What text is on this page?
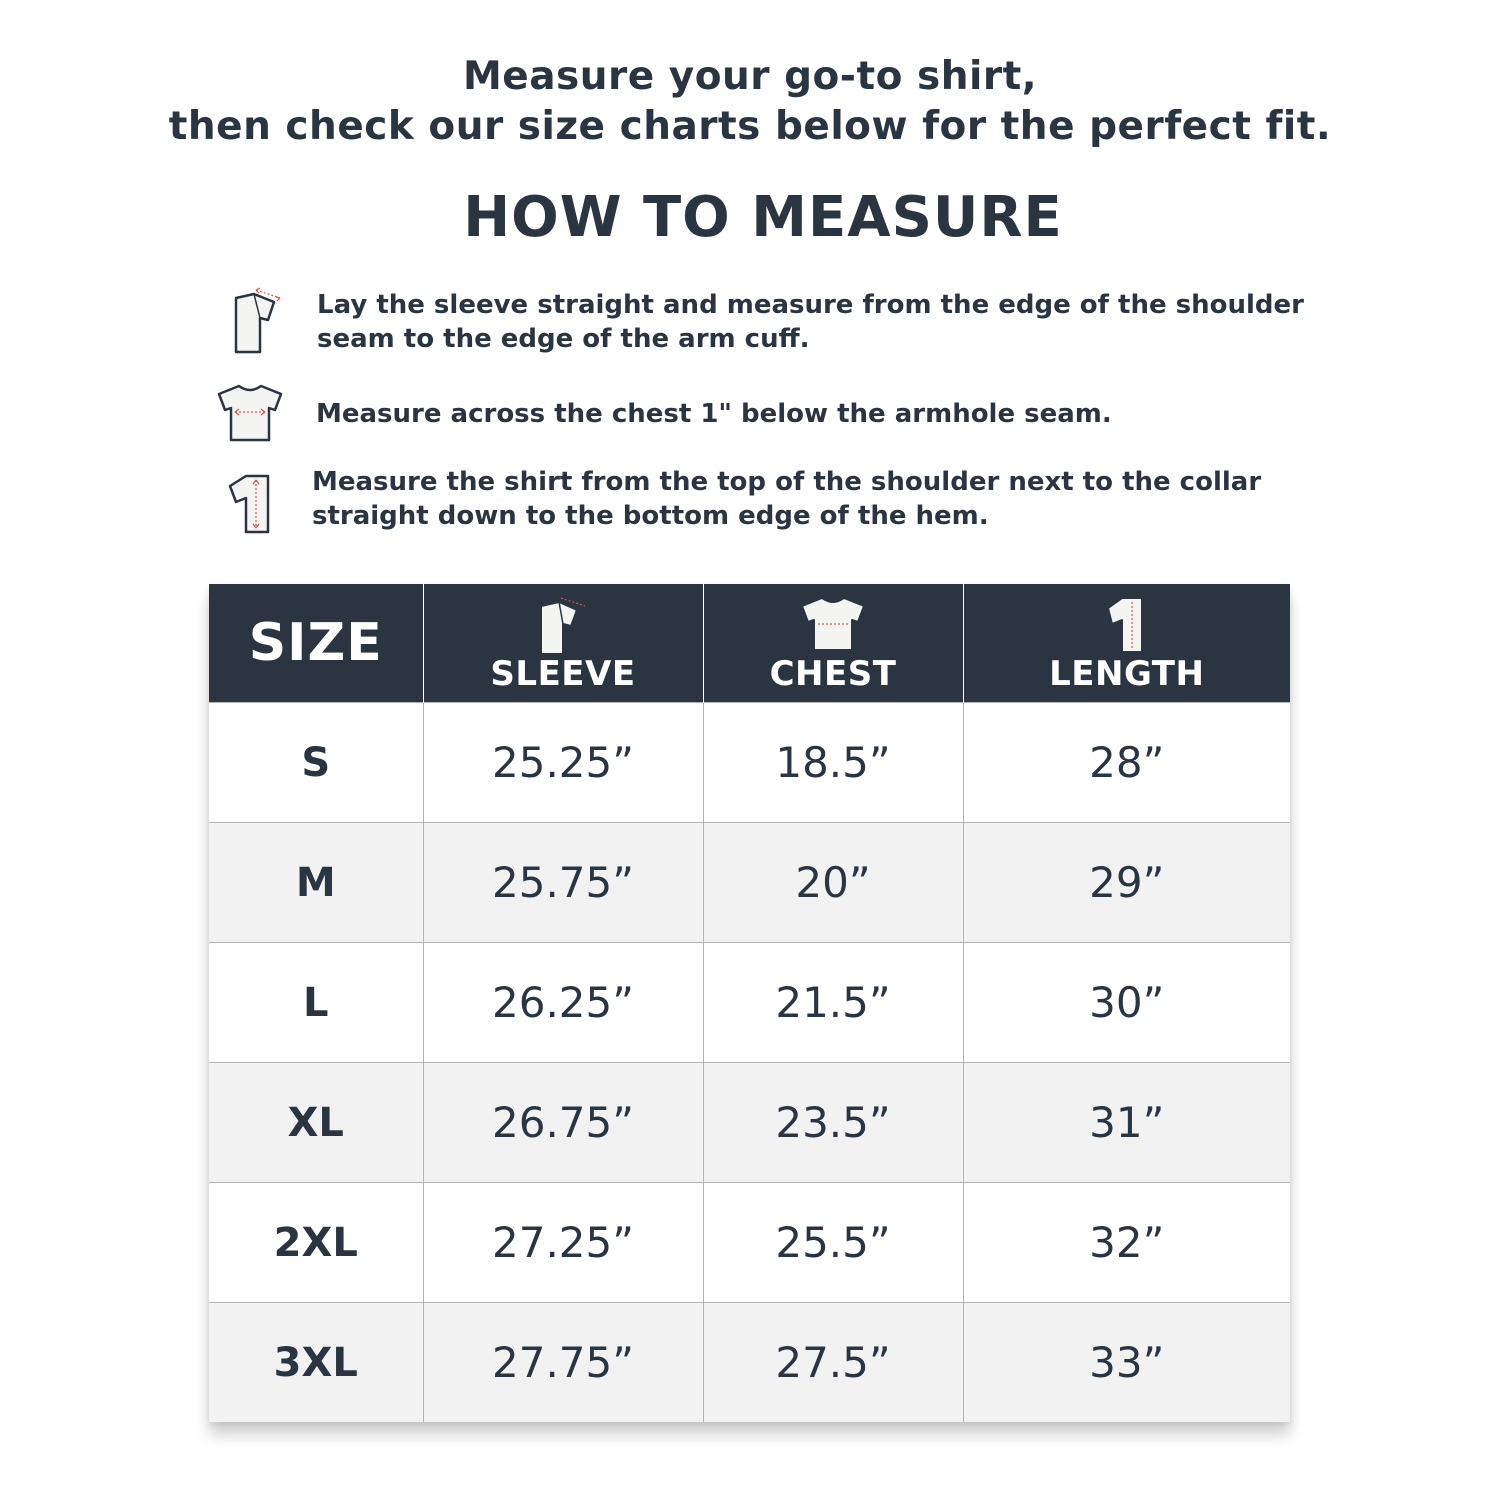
Measure your go-to shirt,
then check our size charts below for the perfect fit.
HOW TO MEASURE
Lay the sleeve straight and measure from the edge of the shoulder
seam to the edge of the arm cuff.
Measure across the chest 1" below the armhole seam.
Measure the shirt from the top of the shoulder next to the collar
straight down to the bottom edge of the hem.
SIZE	SLEEVE	CHEST	LENGTH

S	25.25”	18.5”	28”
M	25.75”	20”	29”
L	26.25”	21.5”	30”
XL	26.75”	23.5”	31”
2XL	27.25”	25.5”	32”
3XL	27.75”	27.5”	33”
